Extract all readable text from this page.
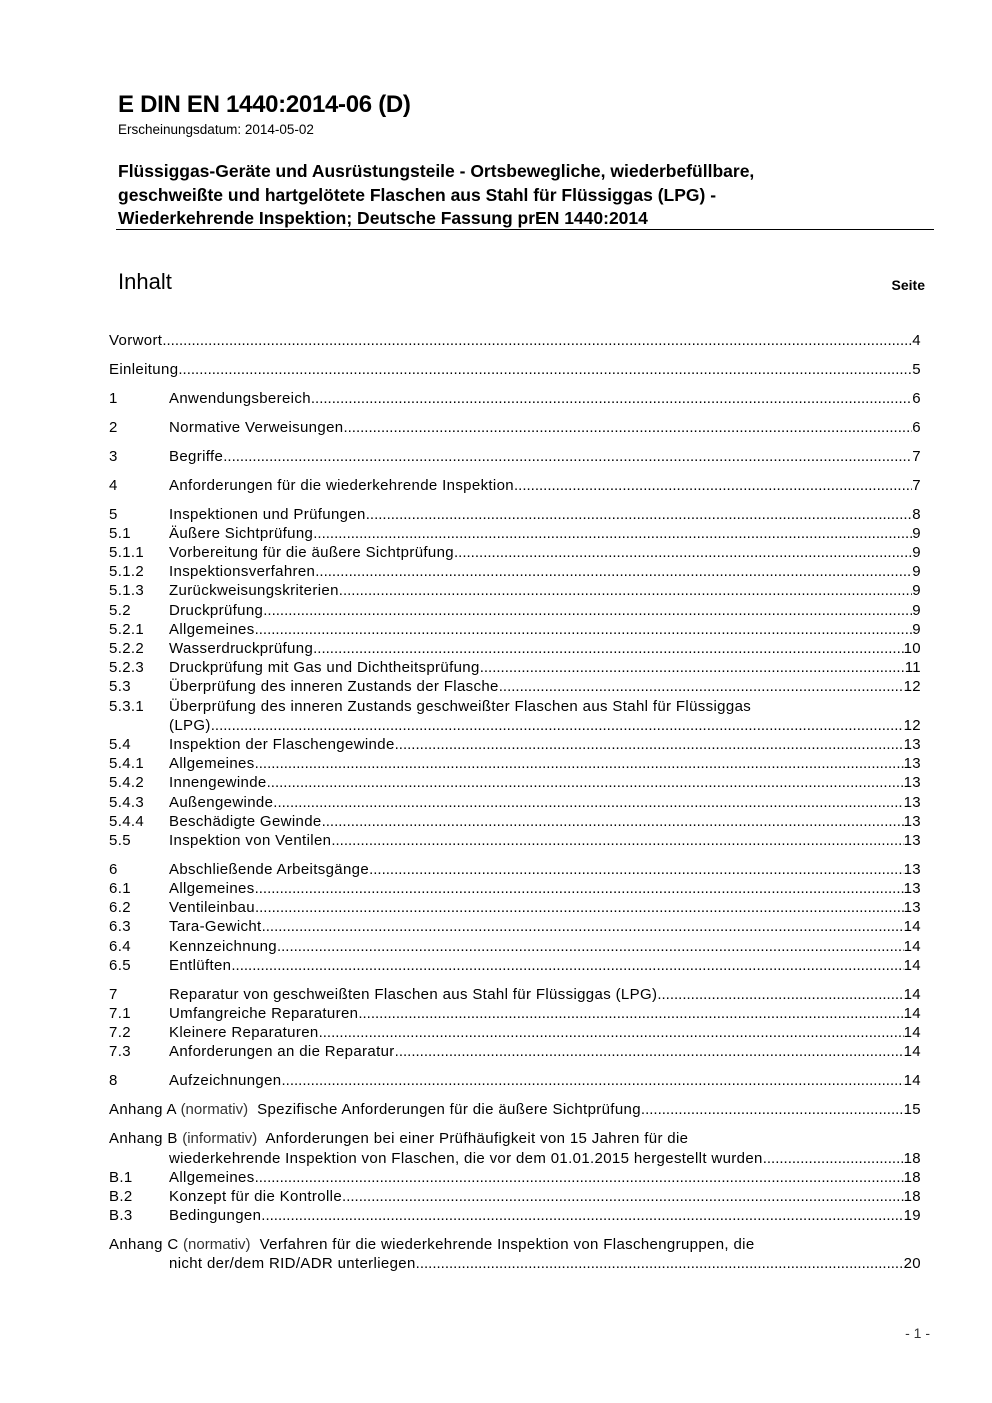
E DIN EN 1440:2014-06 (D)
Erscheinungsdatum: 2014-05-02
Flüssiggas-Geräte und Ausrüstungsteile - Ortsbewegliche, wiederbefüllbare,
geschweißte und hartgelötete Flaschen aus Stahl für Flüssiggas (LPG) -
Wiederkehrende Inspektion; Deutsche Fassung prEN 1440:2014
Inhalt	Seite
Vorwort .....	4
Einleitung .....	5
1	Anwendungsbereich .....	6
2	Normative Verweisungen .....	6
3	Begriffe .....	7
4	Anforderungen für die wiederkehrende Inspektion .....	7
5	Inspektionen und Prüfungen .....	8
5.1	Äußere Sichtprüfung .....	9
5.1.1 Vorbereitung für die äußere Sichtprüfung .....	9
5.1.2 Inspektionsverfahren .....	9
5.1.3 Zurückweisungskriterien .....	9
5.2	Druckprüfung .....	9
5.2.1 Allgemeines .....	9
5.2.2 Wasserdruckprüfung .....	10
5.2.3 Druckprüfung mit Gas und Dichtheitsprüfung .....	11
5.3	Überprüfung des inneren Zustands der Flasche .....	12
5.3.1 Überprüfung des inneren Zustands geschweißter Flaschen aus Stahl für Flüssiggas
(LPG) .....	12
5.4	Inspektion der Flaschengewinde .....	13
5.4.1 Allgemeines .....	13
5.4.2 Innengewinde .....	13
5.4.3 Außengewinde .....	13
5.4.4 Beschädigte Gewinde .....	13
5.5	Inspektion von Ventilen .....	13
6	Abschließende Arbeitsgänge .....	13
6.1	Allgemeines .....	13
6.2	Ventileinbau .....	13
6.3	Tara-Gewicht .....	14
6.4	Kennzeichnung .....	14
6.5	Entlüften .....	14
7	Reparatur von geschweißten Flaschen aus Stahl für Flüssiggas (LPG) .....	14
7.1	Umfangreiche Reparaturen .....	14
7.2	Kleinere Reparaturen .....	14
7.3	Anforderungen an die Reparatur .....	14
8	Aufzeichnungen .....	14
Anhang A (normativ)  Spezifische Anforderungen für die äußere Sichtprüfung .....	15
Anhang B (informativ)  Anforderungen bei einer Prüfhäufigkeit von 15 Jahren für die
wiederkehrende Inspektion von Flaschen, die vor dem 01.01.2015 hergestellt wurden .....	18
B.1 Allgemeines .....	18
B.2 Konzept für die Kontrolle .....	18
B.3 Bedingungen .....	19
Anhang C (normativ)  Verfahren für die wiederkehrende Inspektion von Flaschengruppen, die
nicht der/dem RID/ADR unterliegen .....	20
- 1 -
